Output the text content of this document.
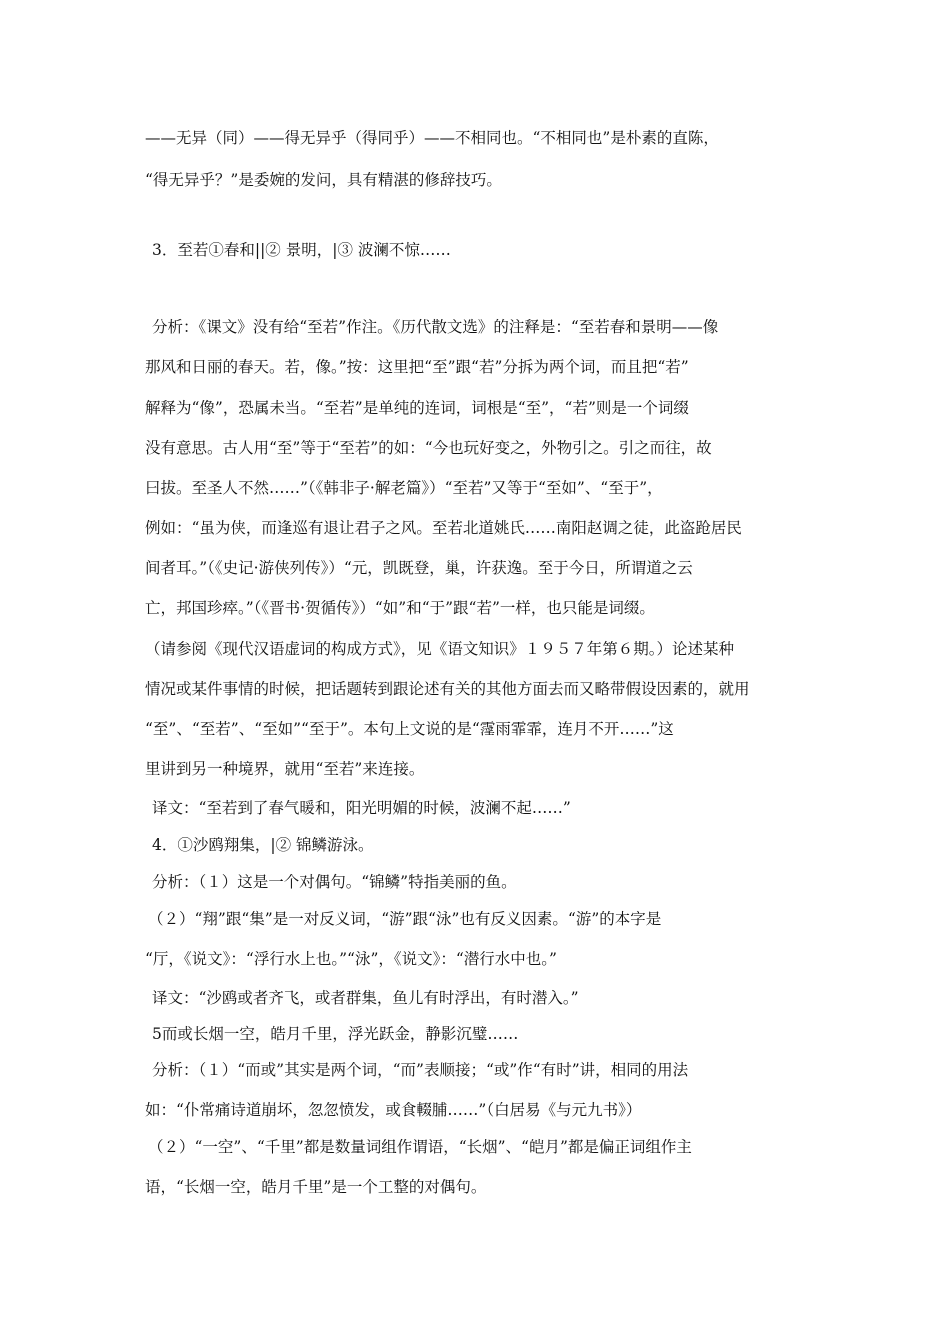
——无异（同）——得无异乎（得同乎）——不相同也。“不相同也”是朴素的直陈，
“得无异乎？”是委婉的发问，具有精湛的修辞技巧。
3．至若①春和||② 景明，|③ 波澜不惊……
分析：《课文》没有给“至若”作注。《历代散文选》的注释是：“至若春和景明——像
那风和日丽的春天。若，像。”按：这里把“至”跟“若”分拆为两个词，而且把“若”
解释为“像”，恐属未当。“至若”是单纯的连词，词根是“至”，“若”则是一个词缀
没有意思。古人用“至”等于“至若”的如：“今也玩好变之，外物引之。引之而往，故
曰拔。至圣人不然……”（《韩非子·解老篇》）“至若”又等于“至如”、“至于”，
例如：“虽为侠，而逢巡有退让君子之风。至若北道姚氏……南阳赵调之徒，此盗跄居民
间者耳。”（《史记·游侠列传》）“元，凯既登，巢，许获逸。至于今日，所谓道之云
亡，邦国珍瘁。”（《晋书·贺循传》）“如”和“于”跟“若”一样，也只能是词缀。
（请参阅《现代汉语虚词的构成方式》，见《语文知识》１９５７年第６期。）论述某种
情况或某件事情的时候，把话题转到跟论述有关的其他方面去而又略带假设因素的，就用
“至”、“至若”、“至如”“至于”。本句上文说的是“霪雨霏霏，连月不开……”这
里讲到另一种境界，就用“至若”来连接。
译文：“至若到了春气暖和，阳光明媚的时候，波澜不起……”
4．①沙鸥翔集，|② 锦鳞游泳。
分析：（１）这是一个对偶句。“锦鳞”特指美丽的鱼。
（２）“翔”跟“集”是一对反义词，“游”跟“泳”也有反义因素。“游”的本字是
“厅，《说文》：“浮行水上也。”“泳”，《说文》：“潜行水中也。”
译文：“沙鸥或者齐飞，或者群集，鱼儿有时浮出，有时潜入。”
5而或长烟一空，皓月千里，浮光跃金，静影沉璧……
分析：（１）“而或”其实是两个词，“而”表顺接；“或”作“有时”讲，相同的用法
如：“仆常痛诗道崩坏，忽忽愤发，或食輟脯……”（白居易《与元九书》）
（２）“一空”、“千里”都是数量词组作谓语，“长烟”、“皑月”都是偏正词组作主
语，“长烟一空，皓月千里”是一个工整的对偶句。
